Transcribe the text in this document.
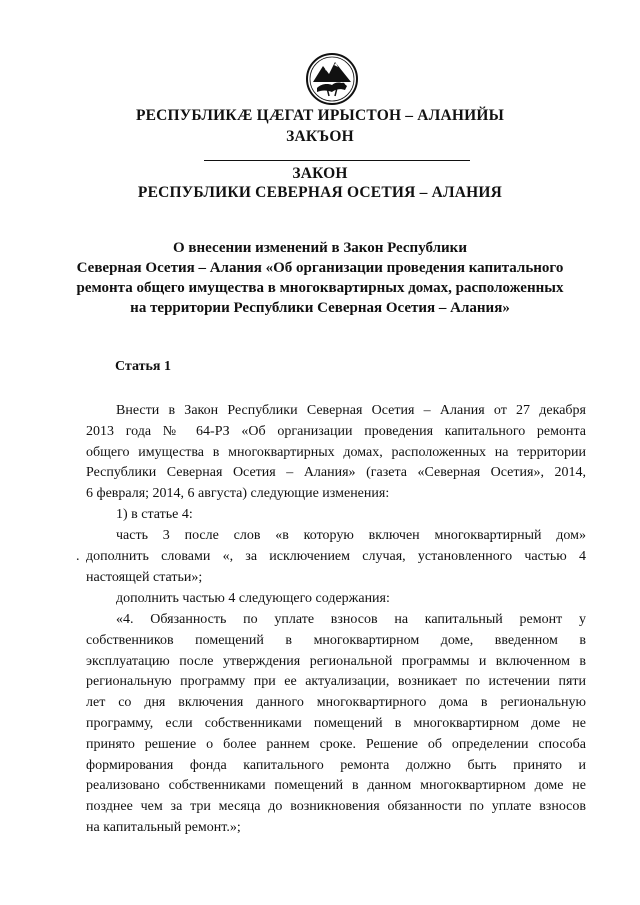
РЕСПУБЛИКӔ ЦӔГАТ ИРЫСТОН – АЛАНИЙЫ
ЗАКЪОН
ЗАКОН
РЕСПУБЛИКИ СЕВЕРНАЯ ОСЕТИЯ – АЛАНИЯ
О внесении изменений в Закон Республики
Северная Осетия – Алания «Об организации проведения капитального
ремонта общего имущества в многоквартирных домах, расположенных
на территории Республики Северная Осетия – Алания»
Статья 1
Внести в Закон Республики Северная Осетия – Алания от 27 декабря
2013 года № 64-РЗ «Об организации проведения капитального ремонта
общего имущества в многоквартирных домах, расположенных на территории
Республики Северная Осетия – Алания» (газета «Северная Осетия», 2014,
6 февраля; 2014, 6 августа) следующие изменения:
1) в статье 4:
.
часть 3 после слов «в которую включен многоквартирный дом»
дополнить словами «, за исключением случая, установленного частью 4
настоящей статьи»;
дополнить частью 4 следующего содержания:
«4. Обязанность по уплате взносов на капитальный ремонт у
собственников помещений в многоквартирном доме, введенном в
эксплуатацию после утверждения региональной программы и включенном в
региональную программу при ее актуализации, возникает по истечении пяти
лет со дня включения данного многоквартирного дома в региональную
программу, если собственниками помещений в многоквартирном доме не
принято решение о более раннем сроке. Решение об определении способа
формирования фонда капитального ремонта должно быть принято и
реализовано собственниками помещений в данном многоквартирном доме не
позднее чем за три месяца до возникновения обязанности по уплате взносов
на капитальный ремонт.»;
